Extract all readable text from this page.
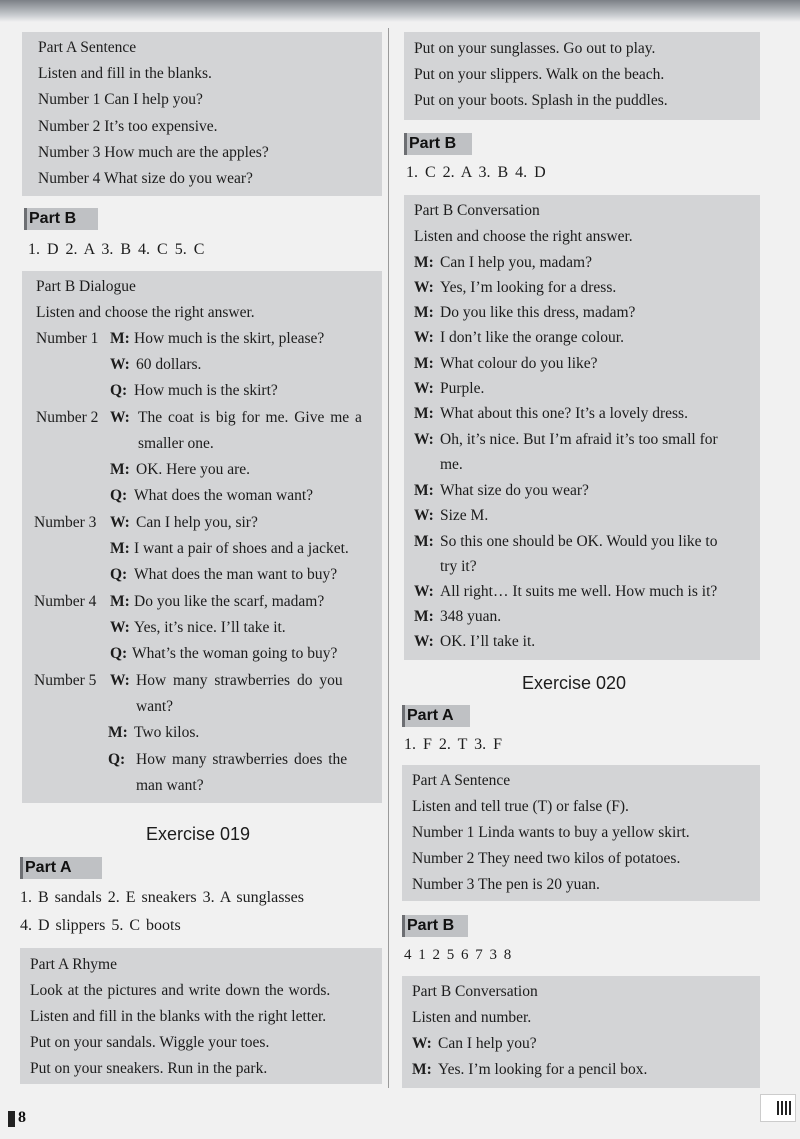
Part A Sentence
Listen and fill in the blanks.
Number 1 Can I help you?
Number 2 It’s too expensive.
Number 3 How much are the apples?
Number 4 What size do you wear?
Part B
1. D 2. A 3. B 4. C 5. C
Part B Dialogue
Listen and choose the right answer.
Number 1 M: How much is the skirt, please?
W: 60 dollars.
Q: How much is the skirt?
Number 2 W: The coat is big for me. Give me a
smaller one.
M: OK. Here you are.
Q: What does the woman want?
Number 3 W: Can I help you, sir?
M: I want a pair of shoes and a jacket.
Q: What does the man want to buy?
Number 4 M: Do you like the scarf, madam?
W: Yes, it’s nice. I’ll take it.
Q: What’s the woman going to buy?
Number 5 W: How many strawberries do you
want?
M: Two kilos.
Q: How many strawberries does the
man want?
Exercise 019
Part A
1. B sandals 2. E sneakers 3. A sunglasses
4. D slippers 5. C boots
Part A Rhyme
Look at the pictures and write down the words.
Listen and fill in the blanks with the right letter.
Put on your sandals. Wiggle your toes.
Put on your sneakers. Run in the park.
8
Put on your sunglasses. Go out to play.
Put on your slippers. Walk on the beach.
Put on your boots. Splash in the puddles.
Part B
1. C 2. A 3. B 4. D
Part B Conversation
Listen and choose the right answer.
M: Can I help you, madam?
W: Yes, I’m looking for a dress.
M: Do you like this dress, madam?
W: I don’t like the orange colour.
M: What colour do you like?
W: Purple.
M: What about this one? It’s a lovely dress.
W: Oh, it’s nice. But I’m afraid it’s too small for
me.
M: What size do you wear?
W: Size M.
M: So this one should be OK. Would you like to
try it?
W: All right… It suits me well. How much is it?
M: 348 yuan.
W: OK. I’ll take it.
Exercise 020
Part A
1. F 2. T 3. F
Part A Sentence
Listen and tell true (T) or false (F).
Number 1 Linda wants to buy a yellow skirt.
Number 2 They need two kilos of potatoes.
Number 3 The pen is 20 yuan.
Part B
4 1 2 5 6 7 3 8
Part B Conversation
Listen and number.
W: Can I help you?
M: Yes. I’m looking for a pencil box.
